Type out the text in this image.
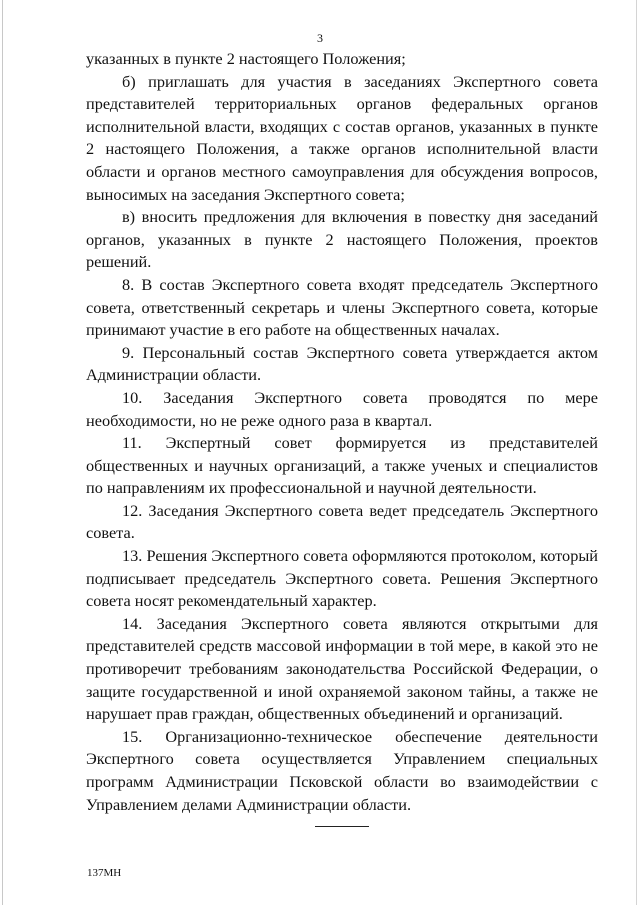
3

указанных в пункте 2 настоящего Положения;

б) приглашать для участия в заседаниях Экспертного совета представителей территориальных органов федеральных органов исполнительной власти, входящих с состав органов, указанных в пункте 2 настоящего Положения, а также органов исполнительной власти области и органов местного самоуправления для обсуждения вопросов, выносимых на заседания Экспертного совета;

в) вносить предложения для включения в повестку дня заседаний органов, указанных в пункте 2 настоящего Положения, проектов решений.

8. В состав Экспертного совета входят председатель Экспертного совета, ответственный секретарь и члены Экспертного совета, которые принимают участие в его работе на общественных началах.

9. Персональный состав Экспертного совета утверждается актом Администрации области.

10. Заседания Экспертного совета проводятся по мере необходимости, но не реже одного раза в квартал.

11. Экспертный совет формируется из представителей общественных и научных организаций, а также ученых и специалистов по направлениям их профессиональной и научной деятельности.

12. Заседания Экспертного совета ведет председатель Экспертного совета.

13. Решения Экспертного совета оформляются протоколом, который подписывает председатель Экспертного совета. Решения Экспертного совета носят рекомендательный характер.

14. Заседания Экспертного совета являются открытыми для представителей средств массовой информации в той мере, в какой это не противоречит требованиям законодательства Российской Федерации, о защите государственной и иной охраняемой законом тайны, а также не нарушает прав граждан, общественных объединений и организаций.

15. Организационно-техническое обеспечение деятельности Экспертного совета осуществляется Управлением специальных программ Администрации Псковской области во взаимодействии с Управлением делами Администрации области.

137МН
